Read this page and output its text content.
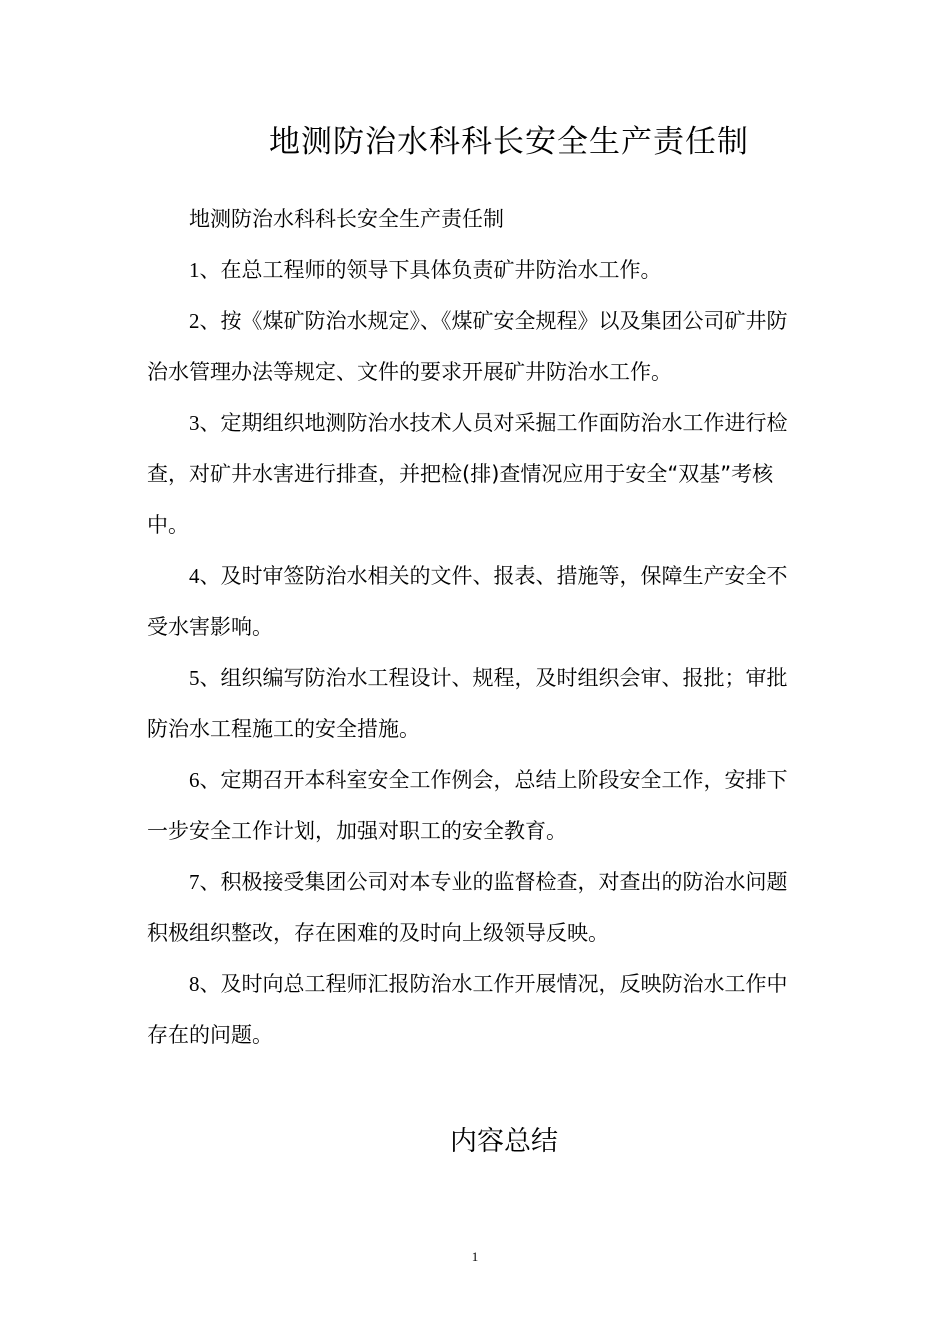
地测防治水科科长安全生产责任制

地测防治水科科长安全生产责任制

1、在总工程师的领导下具体负责矿井防治水工作。

2、按《煤矿防治水规定》、《煤矿安全规程》以及集团公司矿井防治水管理办法等规定、文件的要求开展矿井防治水工作。

3、定期组织地测防治水技术人员对采掘工作面防治水工作进行检查，对矿井水害进行排查，并把检(排)查情况应用于安全“双基”考核中。

4、及时审签防治水相关的文件、报表、措施等，保障生产安全不受水害影响。

5、组织编写防治水工程设计、规程，及时组织会审、报批；审批防治水工程施工的安全措施。

6、定期召开本科室安全工作例会，总结上阶段安全工作，安排下一步安全工作计划，加强对职工的安全教育。

7、积极接受集团公司对本专业的监督检查，对查出的防治水问题积极组织整改，存在困难的及时向上级领导反映。

8、及时向总工程师汇报防治水工作开展情况，反映防治水工作中存在的问题。

内容总结
1
